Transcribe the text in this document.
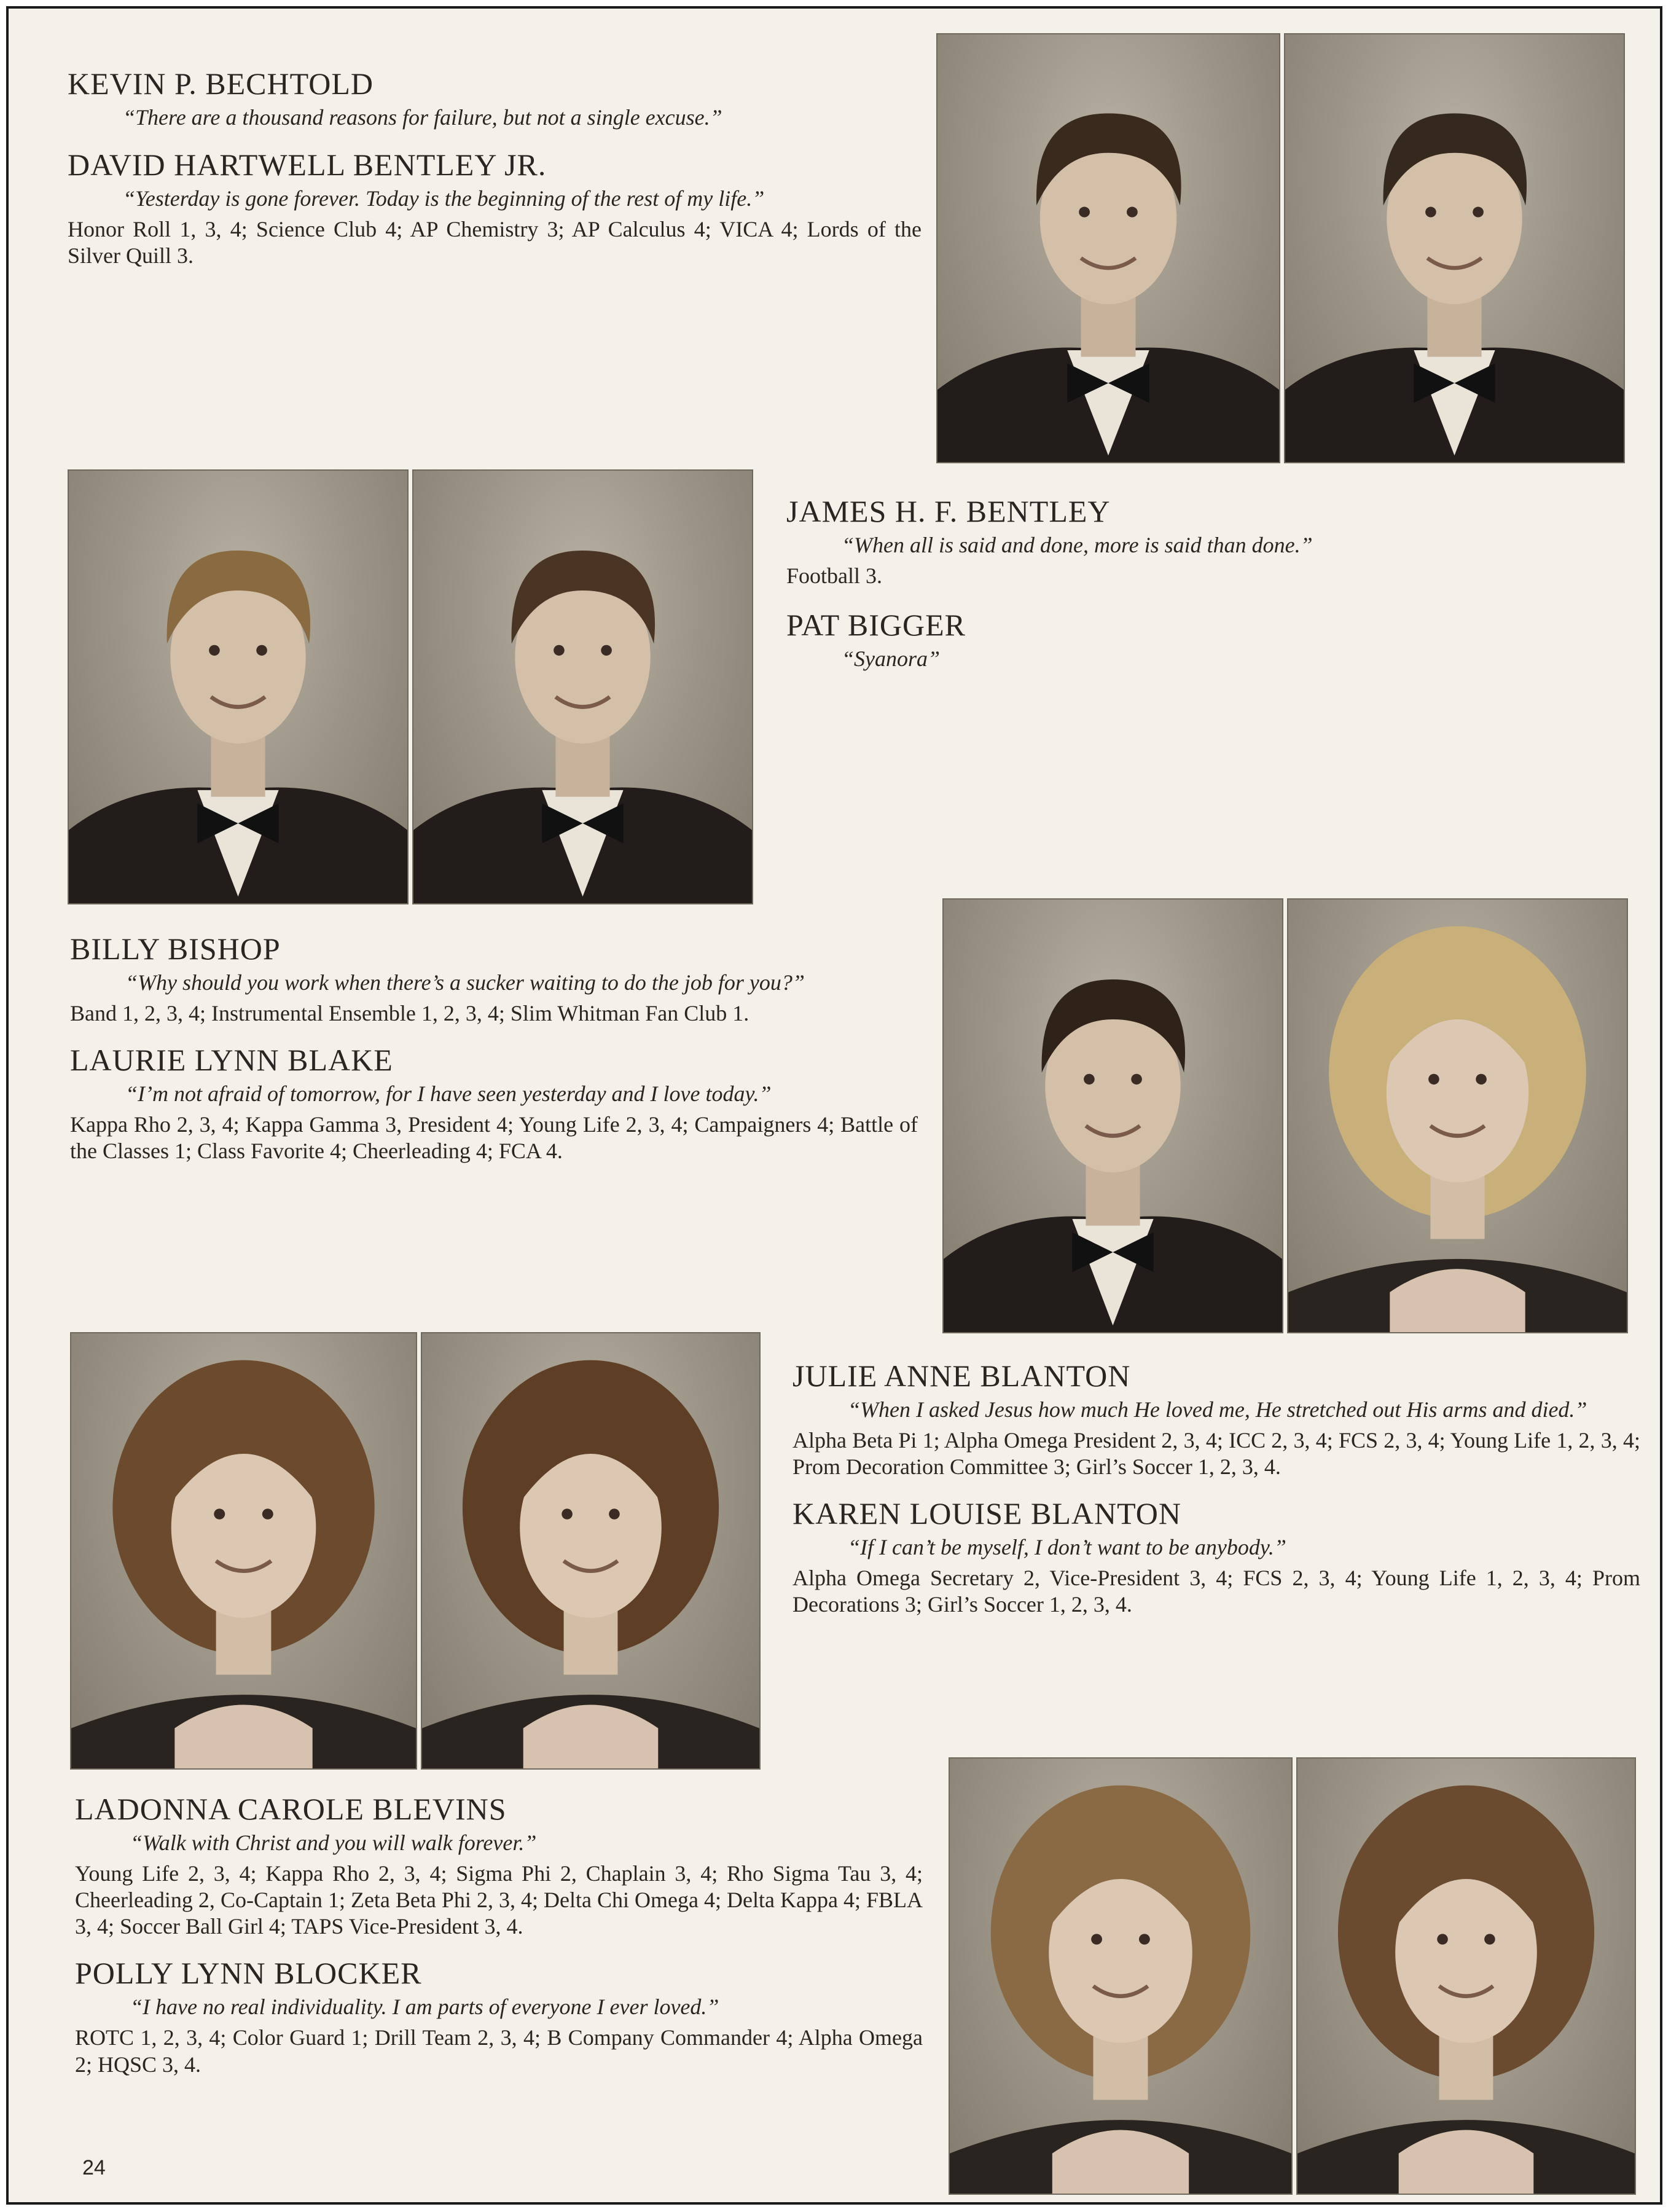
KEVIN P. BECHTOLD
“There are a thousand reasons for failure, but not a single excuse.”
DAVID HARTWELL BENTLEY JR.
“Yesterday is gone forever. Today is the beginning of the rest of my life.”
Honor Roll 1, 3, 4; Science Club 4; AP Chemistry 3; AP Calculus 4; VICA 4; Lords of the Silver Quill 3.
JAMES H. F. BENTLEY
“When all is said and done, more is said than done.”
Football 3.
PAT BIGGER
“Syanora”
BILLY BISHOP
“Why should you work when there’s a sucker waiting to do the job for you?”
Band 1, 2, 3, 4; Instrumental Ensemble 1, 2, 3, 4; Slim Whitman Fan Club 1.
LAURIE LYNN BLAKE
“I’m not afraid of tomorrow, for I have seen yesterday and I love today.”
Kappa Rho 2, 3, 4; Kappa Gamma 3, President 4; Young Life 2, 3, 4; Campaigners 4; Battle of the Classes 1; Class Favorite 4; Cheerleading 4; FCA 4.
JULIE ANNE BLANTON
“When I asked Jesus how much He loved me, He stretched out His arms and died.”
Alpha Beta Pi 1; Alpha Omega President 2, 3, 4; ICC 2, 3, 4; FCS 2, 3, 4; Young Life 1, 2, 3, 4; Prom Decoration Committee 3; Girl’s Soccer 1, 2, 3, 4.
KAREN LOUISE BLANTON
“If I can’t be myself, I don’t want to be anybody.”
Alpha Omega Secretary 2, Vice-President 3, 4; FCS 2, 3, 4; Young Life 1, 2, 3, 4; Prom Decorations 3; Girl’s Soccer 1, 2, 3, 4.
LADONNA CAROLE BLEVINS
“Walk with Christ and you will walk forever.”
Young Life 2, 3, 4; Kappa Rho 2, 3, 4; Sigma Phi 2, Chaplain 3, 4; Rho Sigma Tau 3, 4; Cheerleading 2, Co-Captain 1; Zeta Beta Phi 2, 3, 4; Delta Chi Omega 4; Delta Kappa 4; FBLA 3, 4; Soccer Ball Girl 4; TAPS Vice-President 3, 4.
POLLY LYNN BLOCKER
“I have no real individuality. I am parts of everyone I ever loved.”
ROTC 1, 2, 3, 4; Color Guard 1; Drill Team 2, 3, 4; B Company Commander 4; Alpha Omega 2; HQSC 3, 4.
24
